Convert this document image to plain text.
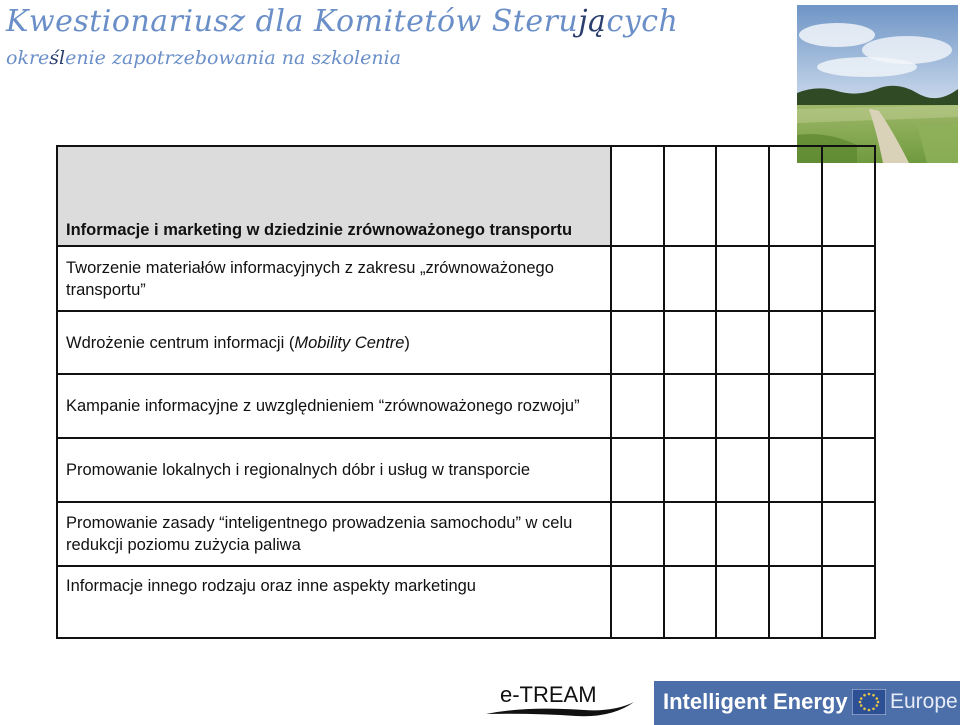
Kwestionariusz dla Komitetów Sterujących
określenie zapotrzebowania na szkolenia
Informacje i marketing w dziedzinie zrównoważonego transportu					

Tworzenie materiałów informacyjnych z zakresu „zrównoważonego transportu”					

Wdrożenie centrum informacji (Mobility Centre)					

Kampanie informacyjne z uwzględnieniem “zrównoważonego rozwoju”					

Promowanie lokalnych i regionalnych dóbr i usług w transporcie					

Promowanie zasady “inteligentnego prowadzenia samochodu” w celu redukcji poziomu zużycia paliwa					

Informacje innego rodzaju oraz inne aspekty marketingu					

e-TREAM	Intelligent Energy Europe
